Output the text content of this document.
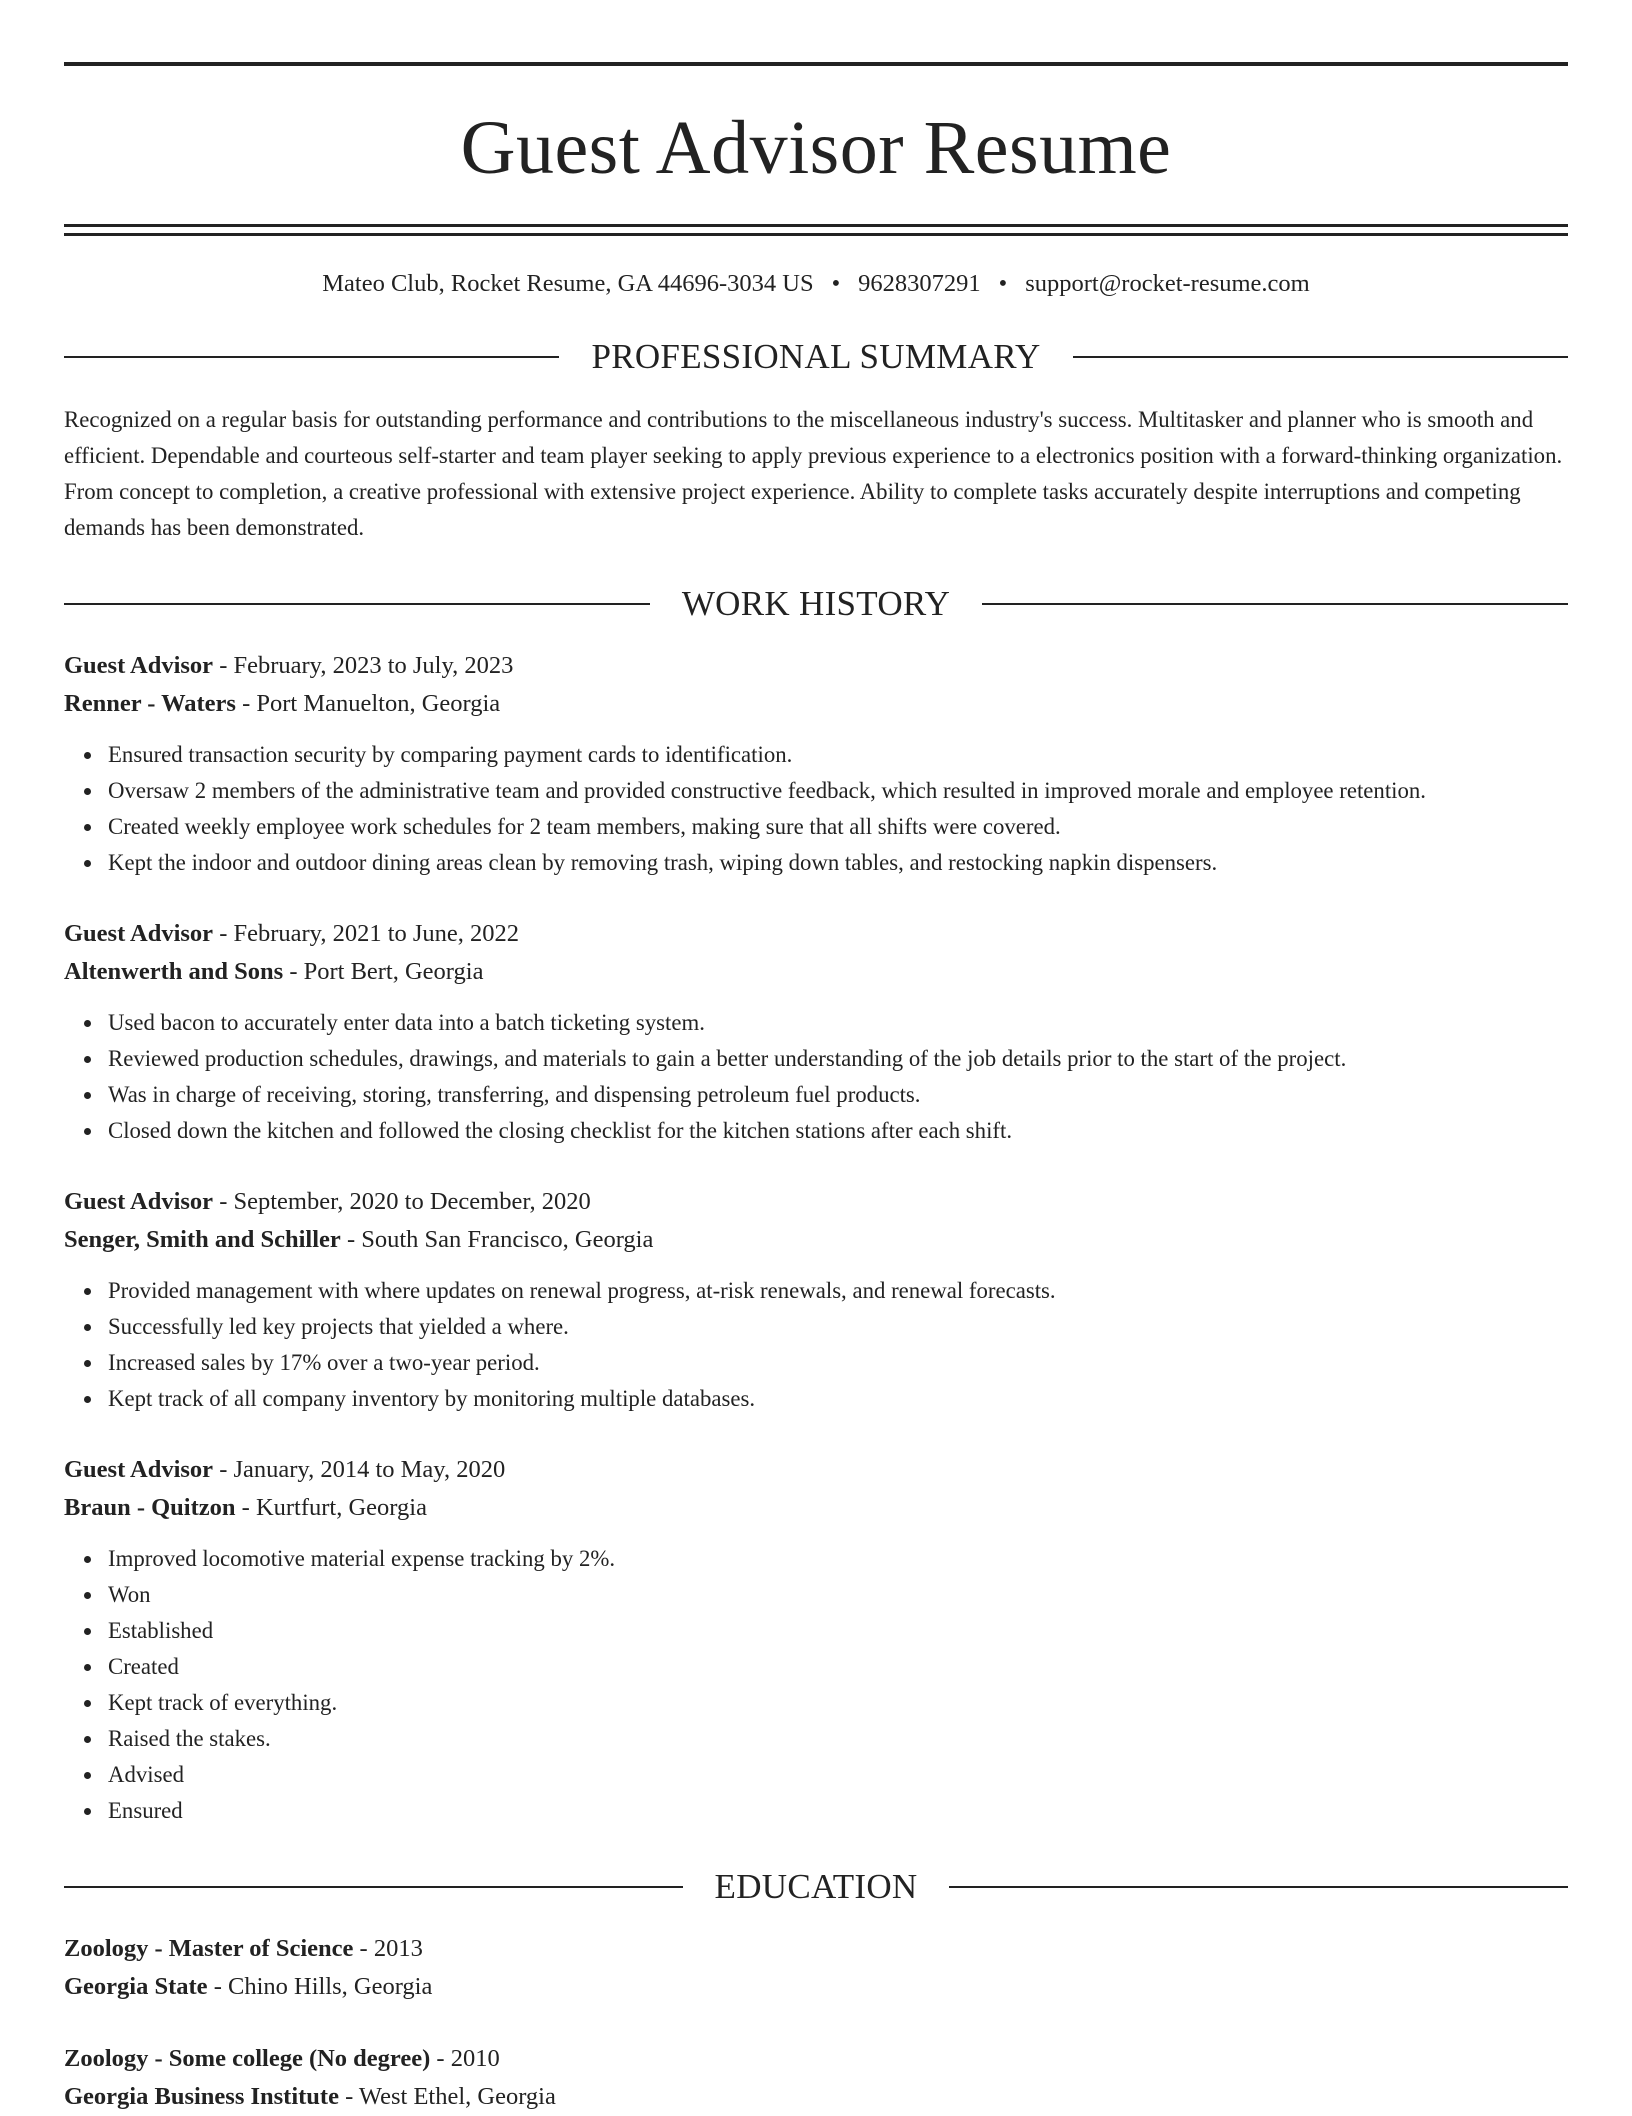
Guest Advisor Resume
Mateo Club, Rocket Resume, GA 44696-3034 US • 9628307291 • support@rocket-resume.com
PROFESSIONAL SUMMARY
Recognized on a regular basis for outstanding performance and contributions to the miscellaneous industry's success. Multitasker and planner who is smooth and efficient. Dependable and courteous self-starter and team player seeking to apply previous experience to a electronics position with a forward-thinking organization. From concept to completion, a creative professional with extensive project experience. Ability to complete tasks accurately despite interruptions and competing demands has been demonstrated.
WORK HISTORY
Guest Advisor - February, 2023 to July, 2023
Renner - Waters - Port Manuelton, Georgia
Ensured transaction security by comparing payment cards to identification.
Oversaw 2 members of the administrative team and provided constructive feedback, which resulted in improved morale and employee retention.
Created weekly employee work schedules for 2 team members, making sure that all shifts were covered.
Kept the indoor and outdoor dining areas clean by removing trash, wiping down tables, and restocking napkin dispensers.
Guest Advisor - February, 2021 to June, 2022
Altenwerth and Sons - Port Bert, Georgia
Used bacon to accurately enter data into a batch ticketing system.
Reviewed production schedules, drawings, and materials to gain a better understanding of the job details prior to the start of the project.
Was in charge of receiving, storing, transferring, and dispensing petroleum fuel products.
Closed down the kitchen and followed the closing checklist for the kitchen stations after each shift.
Guest Advisor - September, 2020 to December, 2020
Senger, Smith and Schiller - South San Francisco, Georgia
Provided management with where updates on renewal progress, at-risk renewals, and renewal forecasts.
Successfully led key projects that yielded a where.
Increased sales by 17% over a two-year period.
Kept track of all company inventory by monitoring multiple databases.
Guest Advisor - January, 2014 to May, 2020
Braun - Quitzon - Kurtfurt, Georgia
Improved locomotive material expense tracking by 2%.
Won
Established
Created
Kept track of everything.
Raised the stakes.
Advised
Ensured
EDUCATION
Zoology - Master of Science - 2013
Georgia State - Chino Hills, Georgia
Zoology - Some college (No degree) - 2010
Georgia Business Institute - West Ethel, Georgia
